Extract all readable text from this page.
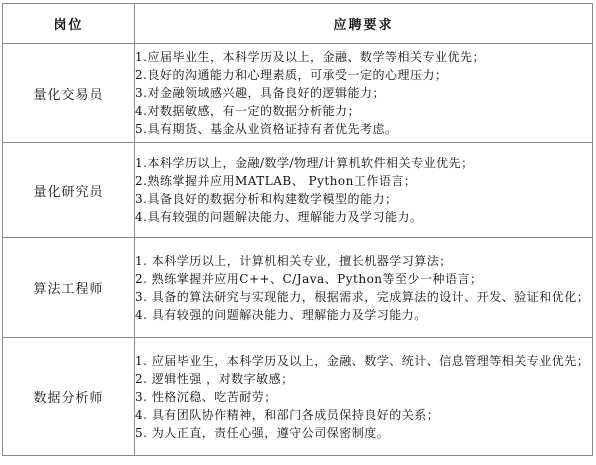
岗位	应聘要求
量化交易员	1.应届毕业生，本科学历及以上，金融、数学等相关专业优先；
2.良好的沟通能力和心理素质，可承受一定的心理压力；
3.对金融领域感兴趣，具备良好的逻辑能力；
4.对数据敏感，有一定的数据分析能力；
5.具有期货、基金从业资格证持有者优先考虑。

量化研究员	1.本科学历以上，金融/数学/物理/计算机软件相关专业优先；
2.熟练掌握并应用MATLAB、 Python工作语言；
3.具备良好的数据分析和构建数学模型的能力；
4.具有较强的问题解决能力、理解能力及学习能力。

算法工程师	1. 本科学历以上，计算机相关专业，擅长机器学习算法；
2. 熟练掌握并应用C++、C/Java、Python等至少一种语言；
3. 具备的算法研究与实现能力，根据需求，完成算法的设计、开发、验证和优化；
4. 具有较强的问题解决能力、理解能力及学习能力。

数据分析师	1. 应届毕业生，本科学历及以上，金融、数学、统计、信息管理等相关专业优先；
2. 逻辑性强 ，对数字敏感；
3. 性格沉稳、吃苦耐劳；
4. 具有团队协作精神，和部门各成员保持良好的关系；
5. 为人正直，责任心强，遵守公司保密制度。
